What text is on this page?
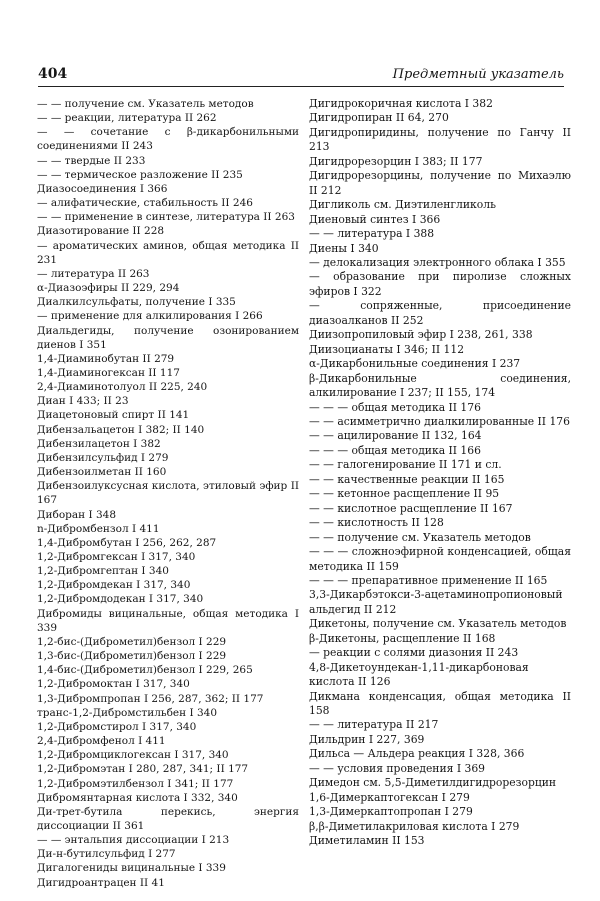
404	Предметный указатель
— — получение см. Указатель методов
— — реакции, литература II 262
— — сочетание с β-дикарбонильными соединениями II 243
— — твердые II 233
— — термическое разложение II 235
Диазосоединения I 366
— алифатические, стабильность II 246
— — применение в синтезе, литература II 263
Диазотирование II 228
— ароматических аминов, общая методика II 231
— литература II 263
α-Диазоэфиры II 229, 294
Диалкилсульфаты, получение I 335
— применение для алкилирования I 266
Диальдегиды, получение озонированием диенов I 351
1,4-Диаминобутан II 279
1,4-Диаминогексан II 117
2,4-Диаминотолуол II 225, 240
Диан I 433; II 23
Диацетоновый спирт II 141
Дибензальацетон I 382; II 140
Дибензилацетон I 382
Дибензилсульфид I 279
Дибензоилметан II 160
Дибензоилуксусная кислота, этиловый эфир II 167
Диборан I 348
n-Дибромбензол I 411
1,4-Дибромбутан I 256, 262, 287
1,2-Дибромгексан I 317, 340
1,2-Дибромгептан I 340
1,2-Дибромдекан I 317, 340
1,2-Дибромдодекан I 317, 340
Дибромиды вицинальные, общая методика I 339
1,2-бис-(Диброметил)бензол I 229
1,3-бис-(Диброметил)бензол I 229
1,4-бис-(Диброметил)бензол I 229, 265
1,2-Дибромоктан I 317, 340
1,3-Дибромпропан I 256, 287, 362; II 177
транс-1,2-Дибромстильбен I 340
1,2-Дибромстирол I 317, 340
2,4-Дибромфенол I 411
1,2-Дибромциклогексан I 317, 340
1,2-Дибромэтан I 280, 287, 341; II 177
1,2-Дибромэтилбензол I 341; II 177
Дибромянтарная кислота I 332, 340
Ди-трет-бутила перекись, энергия диссоциации II 361
— — энтальпия диссоциации I 213
Ди-н-бутилсульфид I 277
Дигалогениды вицинальные I 339
Дигидроантрацен II 41
Дигидрокоричная кислота I 382
Дигидропиран II 64, 270
Дигидропиридины, получение по Ганчу II 213
Дигидрорезорцин I 383; II 177
Дигидрорезорцины, получение по Михаэлю II 212
Дигликоль см. Диэтиленгликоль
Диеновый синтез I 366
— — литература I 388
Диены I 340
— делокализация электронного облака I 355
— образование при пиролизе сложных эфиров I 322
— сопряженные, присоединение диазоалканов II 252
Диизопропиловый эфир I 238, 261, 338
Диизоцианаты I 346; II 112
α-Дикарбонильные соединения I 237
β-Дикарбонильные соединения, алкилирование I 237; II 155, 174
— — — общая методика II 176
— — асимметрично диалкилированные II 176
— — ацилирование II 132, 164
— — — общая методика II 166
— — галогенирование II 171 и сл.
— — качественные реакции II 165
— — кетонное расщепление II 95
— — кислотное расщепление II 167
— — кислотность II 128
— — получение см. Указатель методов
— — — сложноэфирной конденсацией, общая методика II 159
— — — препаративное применение II 165
3,3-Дикарбэтокси-3-ацетаминопропионовый альдегид II 212
Дикетоны, получение см. Указатель методов
β-Дикетоны, расщепление II 168
— реакции с солями диазония II 243
4,8-Дикетоундекан-1,11-дикарбоновая кислота II 126
Дикмана конденсация, общая методика II 158
— — литература II 217
Дильдрин I 227, 369
Дильса — Альдера реакция I 328, 366
— — условия проведения I 369
Димедон см. 5,5-Диметилдигидрорезорцин
1,6-Димеркаптогексан I 279
1,3-Димеркаптопропан I 279
β,β-Диметилакриловая кислота I 279
Диметиламин II 153
